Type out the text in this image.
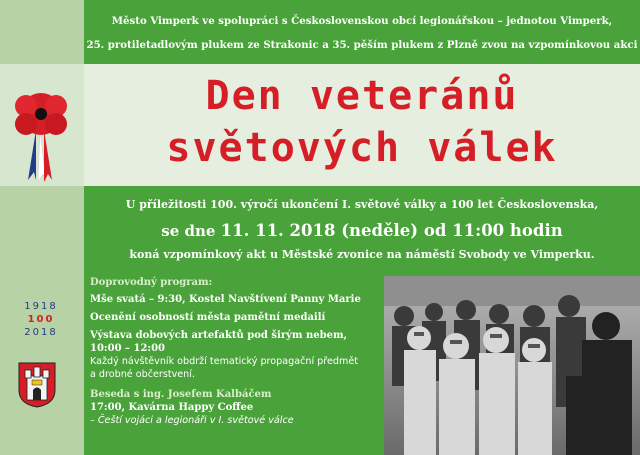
Město Vimperk ve spolupráci s Československou obcí legionářskou – jednotou Vimperk,

25. protiletadlovým plukem ze Strakonic a 35. pěším plukem z Plzně zvou na vzpomínkovou akci

Den veteránů
světových válek
U příležitosti 100. výročí ukončení I. světové války a 100 let Československa,
se dne 11. 11. 2018 (neděle) od 11:00 hodin
koná vzpomínkový akt u Městské zvonice na náměstí Svobody ve Vimperku.
Doprovodný program:
Mše svatá – 9:30, Kostel Navštívení Panny Marie
Ocenění osobností města pamětní medailí
Výstava dobových artefaktů pod širým nebem,
10:00 – 12:00
Každý návštěvník obdrží tematický propagační předmět
a drobné občerstvení.
Beseda s ing. Josefem Kalbáčem
17:00, Kavárna Happy Coffee
– Čeští vojáci a legionáři v I. světové válce
1918
100
2018
